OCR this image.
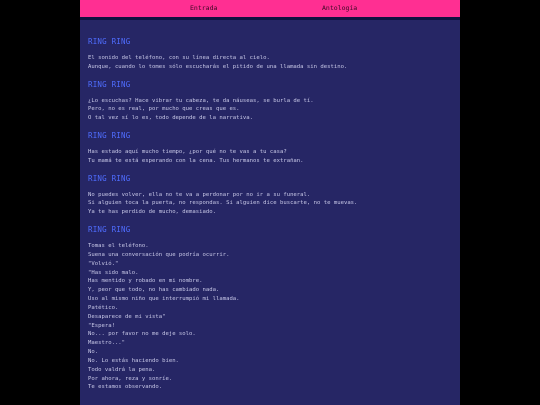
Entrada	Antología
RING RING
El sonido del teléfono, con su línea directa al cielo.
Aunque, cuando lo tomes sólo escucharás el pitido de una llamada sin destino.
RING RING
¿Lo escuchas? Hace vibrar tu cabeza, te da náuseas, se burla de tí.
Pero, no es real, por mucho que creas que es.
O tal vez sí lo es, todo depende de la narrativa.
RING RING
Has estado aquí mucho tiempo, ¿por qué no te vas a tu casa?
Tu mamá te está esperando con la cena. Tus hermanos te extrañan.
RING RING
No puedes volver, ella no te va a perdonar por no ir a su funeral.
Si alguien toca la puerta, no respondas. Si alguien dice buscarte, no te muevas.
Ya te has perdido de mucho, demasiado.
RING RING
Tomas el teléfono.
Suena una conversación que podría ocurrir.
"Volvió."
"Has sido malo.
Has mentido y robado en mi nombre.
Y, peor que todo, no has cambiado nada.
Uso al mismo niño que interrumpió mi llamada.
Patético.
Desaparece de mi vista"
"Espera!
No... por favor no me deje solo.
Maestro..."
No.
No. Lo estás haciendo bien.
Todo valdrá la pena.
Por ahora, reza y sonríe.
Te estamos observando.
